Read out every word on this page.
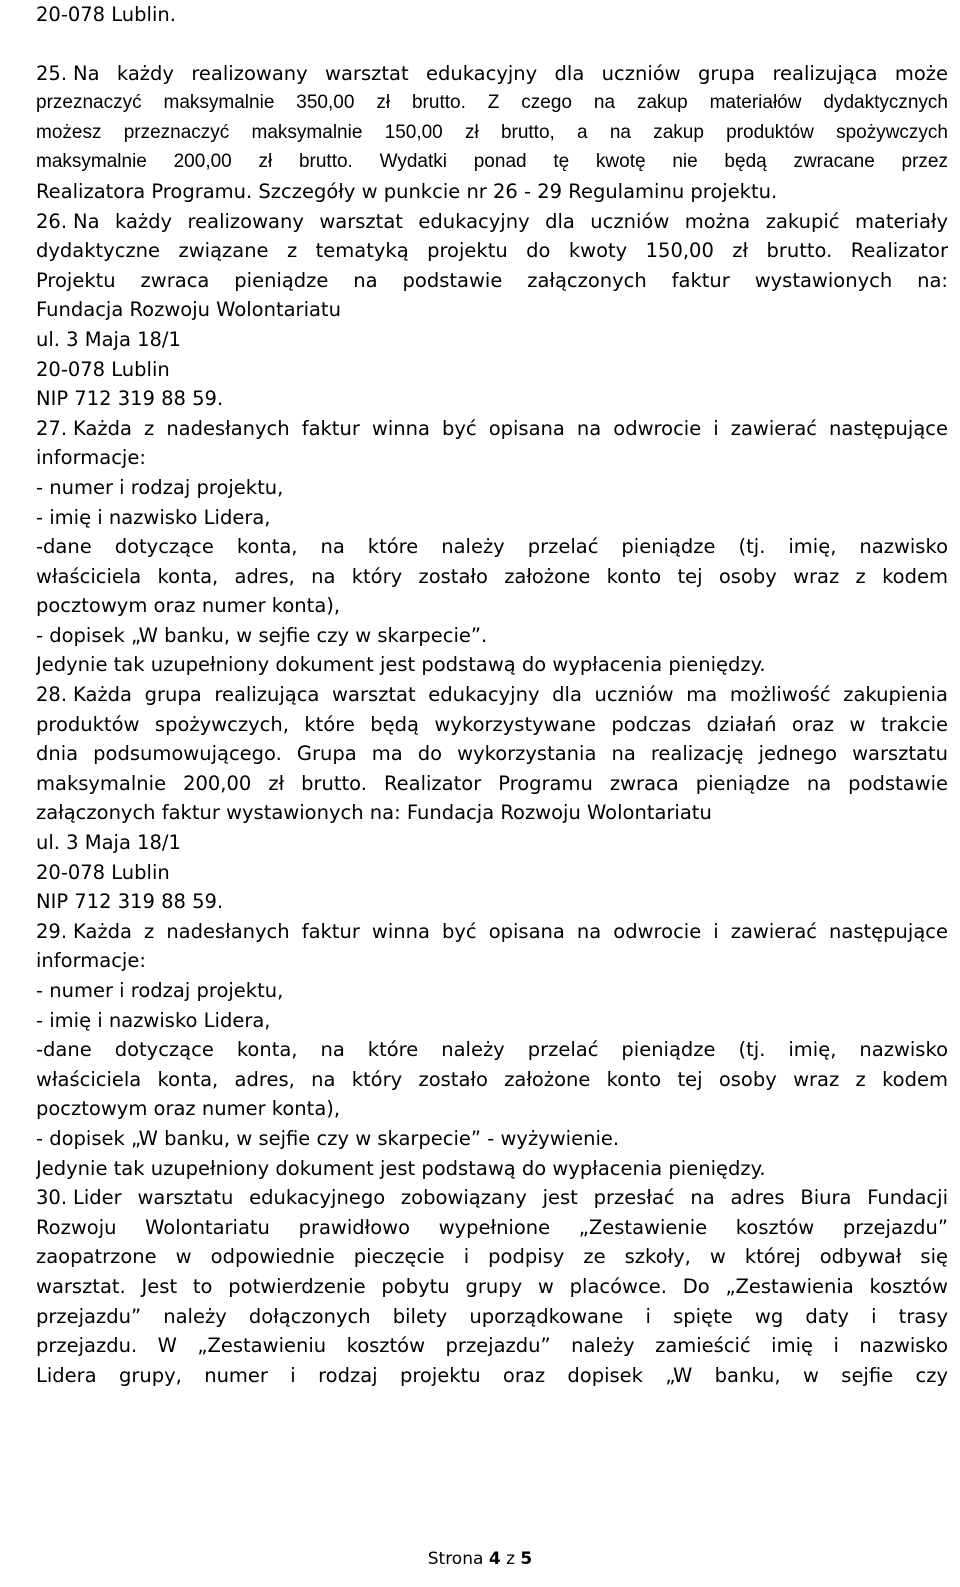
20-078 Lublin.
25. Na każdy realizowany warsztat edukacyjny dla uczniów grupa realizująca może
przeznaczyć maksymalnie 350,00 zł brutto. Z czego na zakup materiałów dydaktycznych
możesz przeznaczyć maksymalnie 150,00 zł brutto, a na zakup produktów spożywczych
maksymalnie 200,00 zł brutto. Wydatki ponad tę kwotę nie będą zwracane przez
Realizatora Programu. Szczegóły w punkcie nr 26 - 29 Regulaminu projektu.
26. Na każdy realizowany warsztat edukacyjny dla uczniów można zakupić materiały
dydaktyczne związane z tematyką projektu do kwoty 150,00 zł brutto. Realizator
Projektu zwraca pieniądze na podstawie załączonych faktur wystawionych na:
Fundacja Rozwoju Wolontariatu
ul. 3 Maja 18/1
20-078 Lublin
NIP 712 319 88 59.
27. Każda z nadesłanych faktur winna być opisana na odwrocie i zawierać następujące
informacje:
- numer i rodzaj projektu,
- imię i nazwisko Lidera,
-dane dotyczące konta, na które należy przelać pieniądze (tj. imię, nazwisko
właściciela konta, adres, na który zostało założone konto tej osoby wraz z kodem
pocztowym oraz numer konta),
- dopisek „W banku, w sejfie czy w skarpecie”.
Jedynie tak uzupełniony dokument jest podstawą do wypłacenia pieniędzy.
28. Każda grupa realizująca warsztat edukacyjny dla uczniów ma możliwość zakupienia
produktów spożywczych, które będą wykorzystywane podczas działań oraz w trakcie
dnia podsumowującego. Grupa ma do wykorzystania na realizację jednego warsztatu
maksymalnie 200,00 zł brutto. Realizator Programu zwraca pieniądze na podstawie
załączonych faktur wystawionych na: Fundacja Rozwoju Wolontariatu
ul. 3 Maja 18/1
20-078 Lublin
NIP 712 319 88 59.
29. Każda z nadesłanych faktur winna być opisana na odwrocie i zawierać następujące
informacje:
- numer i rodzaj projektu,
- imię i nazwisko Lidera,
-dane dotyczące konta, na które należy przelać pieniądze (tj. imię, nazwisko
właściciela konta, adres, na który zostało założone konto tej osoby wraz z kodem
pocztowym oraz numer konta),
- dopisek „W banku, w sejfie czy w skarpecie” - wyżywienie.
Jedynie tak uzupełniony dokument jest podstawą do wypłacenia pieniędzy.
30. Lider warsztatu edukacyjnego zobowiązany jest przesłać na adres Biura Fundacji
Rozwoju Wolontariatu prawidłowo wypełnione „Zestawienie kosztów przejazdu”
zaopatrzone w odpowiednie pieczęcie i podpisy ze szkoły, w której odbywał się
warsztat. Jest to potwierdzenie pobytu grupy w placówce. Do „Zestawienia kosztów
przejazdu” należy dołączonych bilety uporządkowane i spięte wg daty i trasy
przejazdu. W „Zestawieniu kosztów przejazdu” należy zamieścić imię i nazwisko
Lidera grupy, numer i rodzaj projektu oraz dopisek „W banku, w sejfie czy
Strona 4 z 5
